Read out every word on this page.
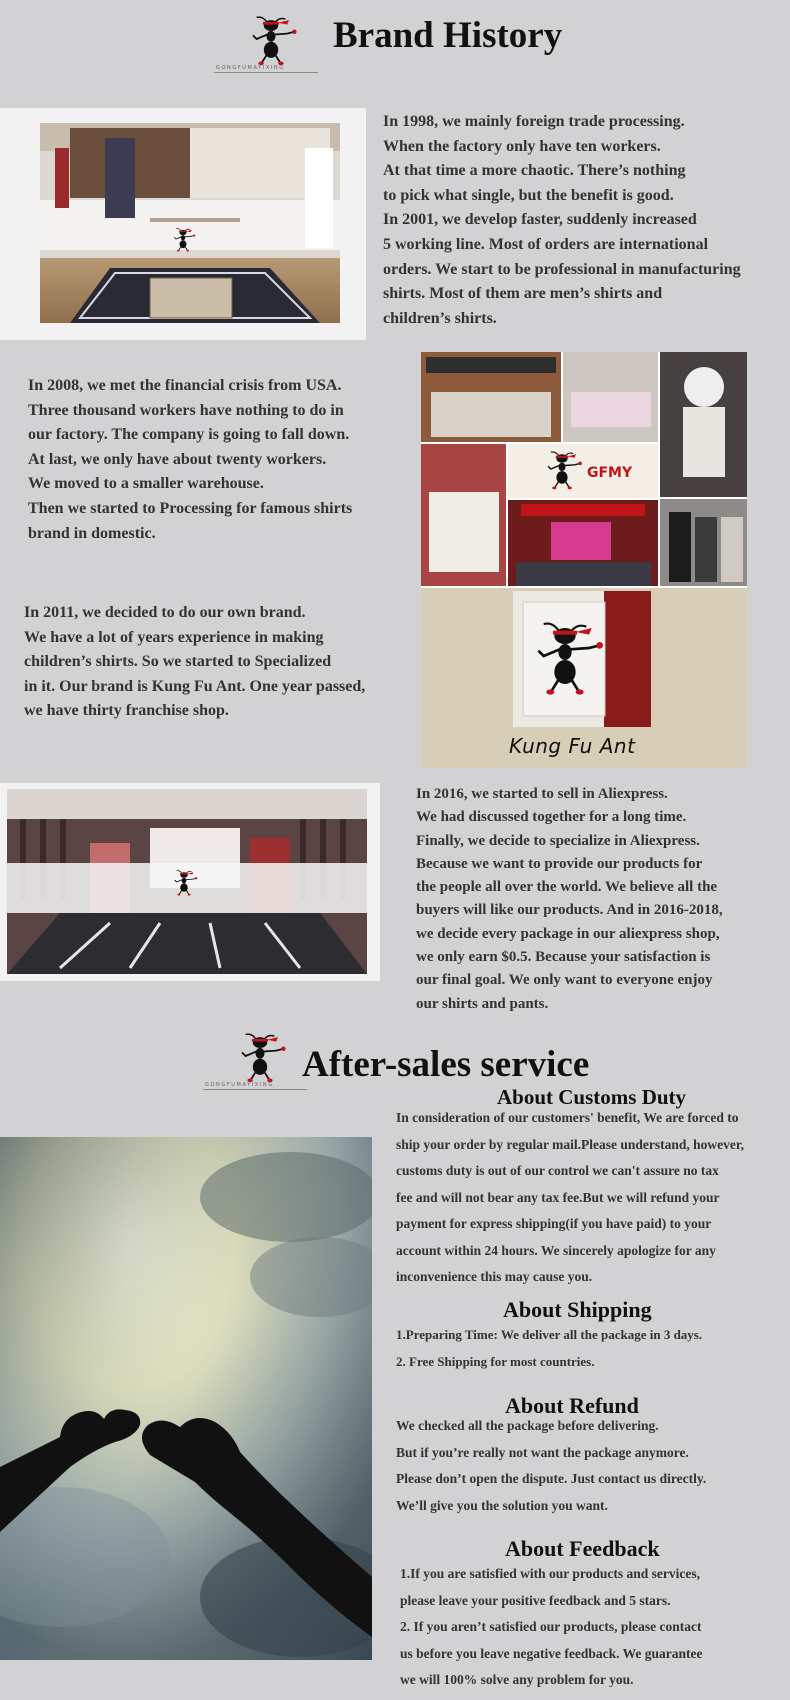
GONGFUMAYIXING
Brand History
In 1998, we mainly foreign trade processing.
When the factory only have ten workers.
At that time a more chaotic. There’s nothing
to pick what single, but the benefit is good.
In 2001, we develop faster, suddenly increased
5 working line. Most of orders are international
orders. We start to be professional in manufacturing
shirts. Most of them are men’s shirts and
children’s shirts.
In 2008, we met the financial crisis from USA.
Three thousand workers have nothing to do in
our factory. The company is going to fall down.
At last, we only have about twenty workers.
We moved to a smaller warehouse.
Then we started to Processing for famous shirts
brand in domestic.
GFMY
Kung Fu Ant
In 2011, we decided to do our own brand.
We have a lot of years experience in making
children’s shirts. So we started to Specialized
in it. Our brand is Kung Fu Ant. One year passed,
we have thirty franchise shop.
In 2016, we started to sell in Aliexpress.
We had discussed together for a long time.
Finally, we decide to specialize in Aliexpress.
Because we want to provide our products for
the people all over the world. We believe all the
buyers will like our products. And in 2016-2018,
we decide every package in our aliexpress shop,
we only earn $0.5. Because your satisfaction is
our final goal. We only want to everyone enjoy
our shirts and pants.
GONGFUMAYIXING After-sales service
About Customs Duty
In consideration of our customers' benefit, We are forced to
ship your order by regular mail.Please understand, however,
customs duty is out of our control we can't assure no tax
fee and will not bear any tax fee.But we will refund your
payment for express shipping(if you have paid) to your
account within 24 hours. We sincerely apologize for any
inconvenience this may cause you.
About Shipping
1.Preparing Time: We deliver all the package in 3 days.
2. Free Shipping for most countries.
About Refund
We checked all the package before delivering.
But if you’re really not want the package anymore.
Please don’t open the dispute. Just contact us directly.
We’ll give you the solution you want.
About Feedback
1.If you are satisfied with our products and services,
please leave your positive feedback and 5 stars.
2. If you aren’t satisfied our products, please contact
us before you leave negative feedback. We guarantee
we will 100% solve any problem for you.
